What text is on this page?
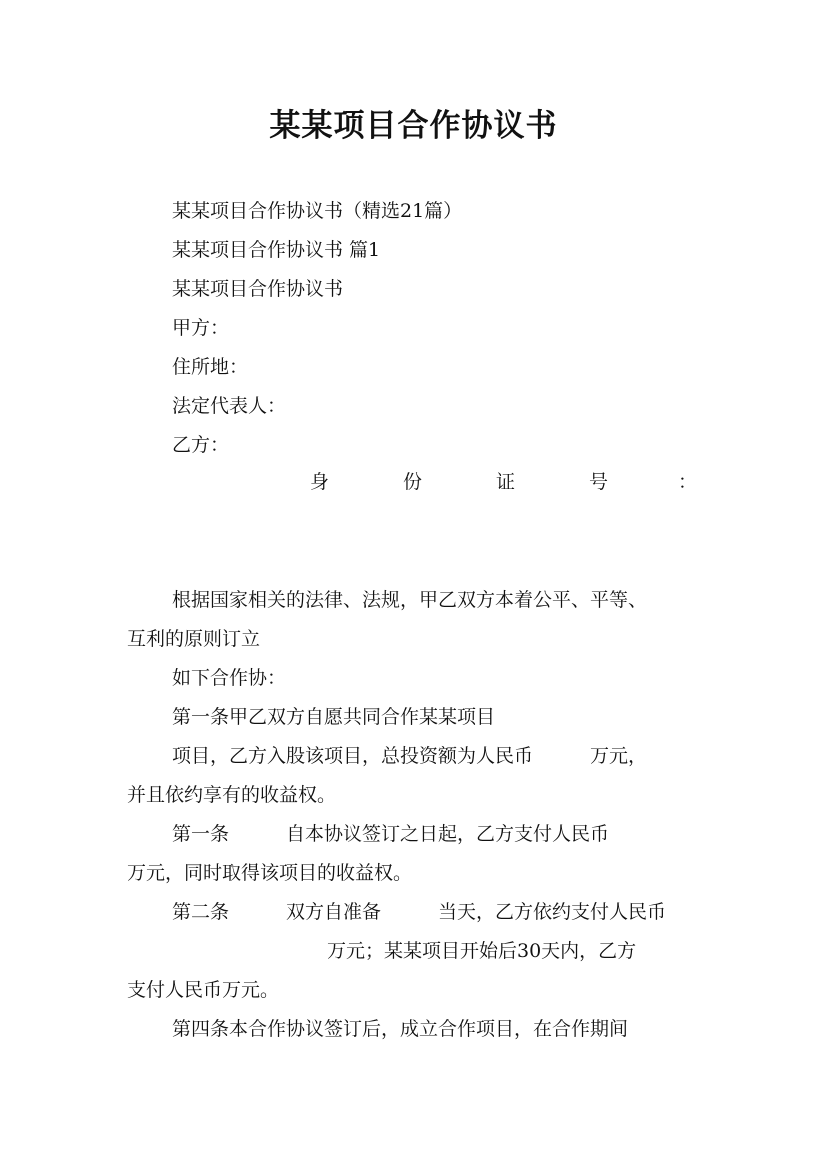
某某项目合作协议书
某某项目合作协议书（精选21篇）
某某项目合作协议书 篇1
某某项目合作协议书
甲方：
住所地：
法定代表人：
乙方：
身	份	证	号	：
根据国家相关的法律、法规，甲乙双方本着公平、平等、
互利的原则订立
如下合作协：
第一条甲乙双方自愿共同合作某某项目
项目，乙方入股该项目，总投资额为人民币　　　万元，
并且依约享有的收益权。
第一条　　　自本协议签订之日起，乙方支付人民币
万元，同时取得该项目的收益权。
第二条　　　双方自准备　　　当天，乙方依约支付人民币
万元；某某项目开始后30天内，乙方
支付人民币万元。
第四条本合作协议签订后，成立合作项目，在合作期间
